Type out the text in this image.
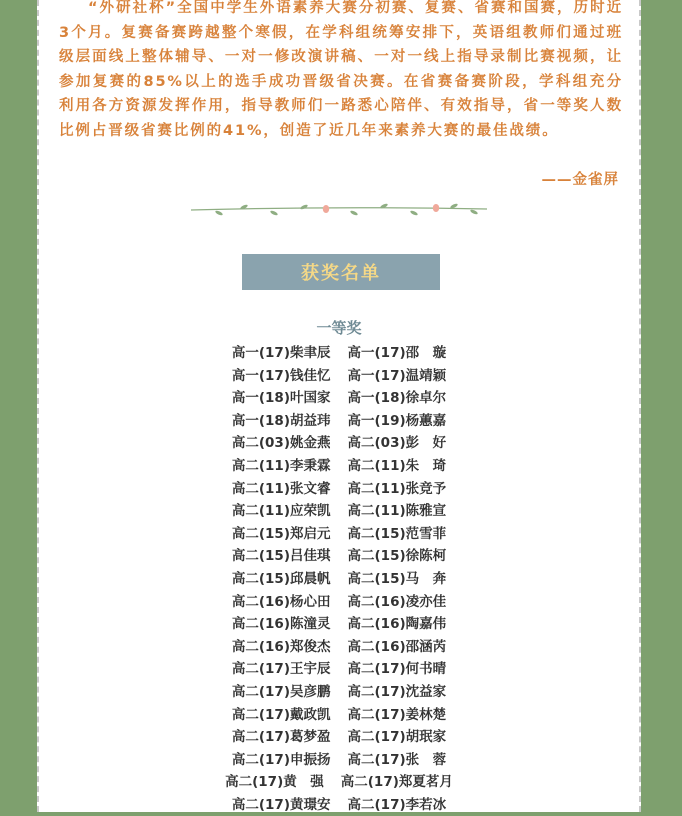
“外研社杯”全国中学生外语素养大赛分初赛、复赛、省赛和国赛，历时近3个月。复赛备赛跨越整个寒假，在学科组统筹安排下，英语组教师们通过班级层面线上整体辅导、一对一修改演讲稿、一对一线上指导录制比赛视频，让参加复赛的85%以上的选手成功晋级省决赛。在省赛备赛阶段，学科组充分利用各方资源发挥作用，指导教师们一路悉心陪伴、有效指导，省一等奖人数比例占晋级省赛比例的41%，创造了近几年来素养大赛的最佳战绩。

——金雀屏
获奖名单
一等奖
高一(17)柴聿辰 高一(17)邵　璇
高一(17)钱佳忆 高一(17)温靖颖
高一(18)叶国家 高一(18)徐卓尔
高一(18)胡益玮 高一(19)杨蕙嘉
高二(03)姚金燕 高二(03)彭　好
高二(11)李秉霖 高二(11)朱　琦
高二(11)张文睿 高二(11)张竞予
高二(11)应荣凯 高二(11)陈雅宣
高二(15)郑启元 高二(15)范雪菲
高二(15)吕佳琪 高二(15)徐陈柯
高二(15)邱晨帆 高二(15)马　奔
高二(16)杨心田 高二(16)凌亦佳
高二(16)陈潼灵 高二(16)陶嘉伟
高二(16)郑俊杰 高二(16)邵涵芮
高二(17)王宇辰 高二(17)何书晴
高二(17)吴彦鹏 高二(17)沈益家
高二(17)戴政凯 高二(17)姜林楚
高二(17)葛梦盈 高二(17)胡珉家
高二(17)申振扬 高二(17)张　蓉
高二(17)黄　强 高二(17)郑夏茗月
高二(17)黄璟安 高二(17)李若冰
